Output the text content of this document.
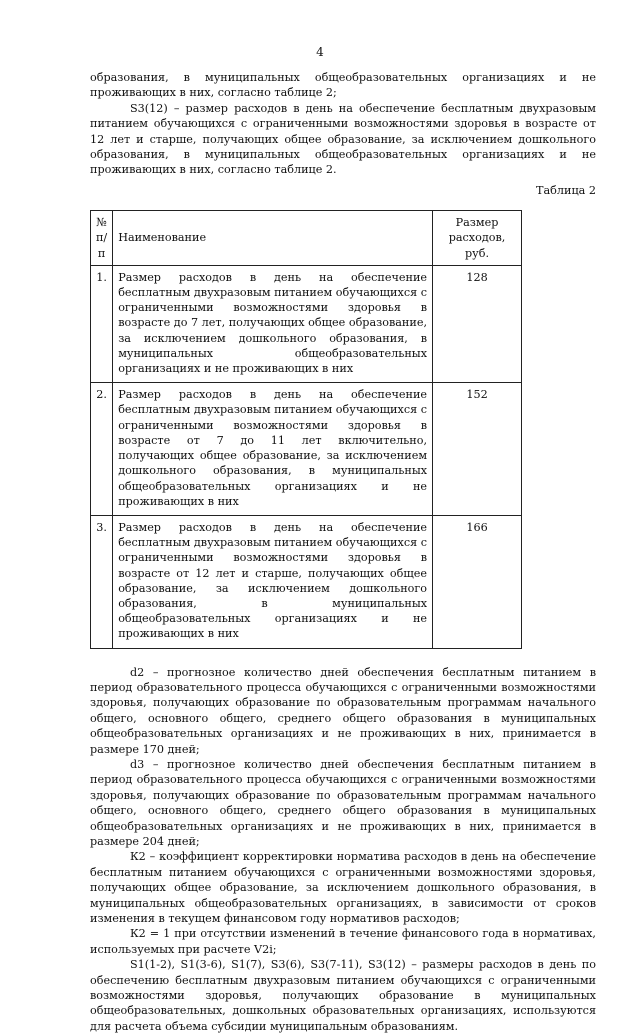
4

образования, в муниципальных общеобразовательных организациях и не проживающих в них, согласно таблице 2;

S3(12) – размер расходов в день на обеспечение бесплатным двухразовым питанием обучающихся с ограниченными возможностями здоровья в возрасте от 12 лет и старше, получающих общее образование, за исключением дошкольного образования, в муниципальных общеобразовательных организациях и не проживающих в них, согласно таблице 2.

Таблица 2
№ п/п	Наименование	Размер расходов, руб.
1.	Размер расходов в день на обеспечение бесплатным двухразовым питанием обучающихся с ограниченными возможностями здоровья в возрасте до 7 лет, получающих общее образование, за исключением дошкольного образования, в муниципальных общеобразовательных организациях и не проживающих в них	128
2.	Размер расходов в день на обеспечение бесплатным двухразовым питанием обучающихся с ограниченными возможностями здоровья в возрасте от 7 до 11 лет включительно, получающих общее образование, за исключением дошкольного образования, в муниципальных общеобразовательных организациях и не проживающих в них	152
3.	Размер расходов в день на обеспечение бесплатным двухразовым питанием обучающихся с ограниченными возможностями здоровья в возрасте от 12 лет и старше, получающих общее образование, за исключением дошкольного образования, в муниципальных общеобразовательных организациях и не проживающих в них	166

d2 – прогнозное количество дней обеспечения бесплатным питанием в период образовательного процесса обучающихся с ограниченными возможностями здоровья, получающих образование по образовательным программам начального общего, основного общего, среднего общего образования в муниципальных общеобразовательных организациях и не проживающих в них, принимается в размере 170 дней;

d3 – прогнозное количество дней обеспечения бесплатным питанием в период образовательного процесса обучающихся с ограниченными возможностями здоровья, получающих образование по образовательным программам начального общего, основного общего, среднего общего образования в муниципальных общеобразовательных организациях и не проживающих в них, принимается в размере 204 дней;

К2 – коэффициент корректировки норматива расходов в день на обеспечение бесплатным питанием обучающихся с ограниченными возможностями здоровья, получающих общее образование, за исключением дошкольного образования, в муниципальных общеобразовательных организациях, в зависимости от сроков изменения в текущем финансовом году нормативов расходов;

К2 = 1 при отсутствии изменений в течение финансового года в нормативах, используемых при расчете V2i;

S1(1-2), S1(3-6), S1(7), S3(6), S3(7-11), S3(12) – размеры расходов в день по обеспечению бесплатным двухразовым питанием обучающихся с ограниченными возможностями здоровья, получающих образование в муниципальных общеобразовательных, дошкольных образовательных организациях, используются для расчета объема субсидии муниципальным образованиям.
